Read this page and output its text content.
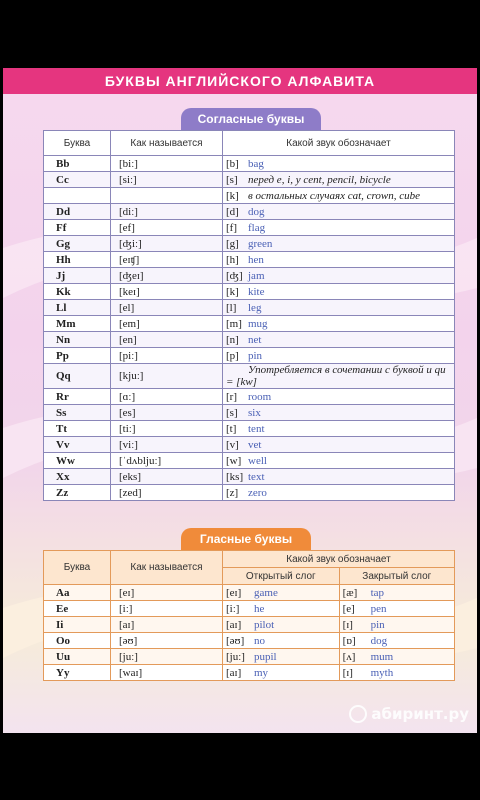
БУКВЫ АНГЛИЙСКОГО АЛФАВИТА
Согласные буквы
Буква	Как называется	Какой звук обозначает
Bb	[biː]	[b] bag
Cc	[siː]	[s] перед e, i, y cent, pencil, bicycle
		[k] в остальных случаях cat, crown, cube
Dd	[diː]	[d] dog
Ff	[ef]	[f] flag
Gg	[ʤiː]	[g] green
Hh	[eɪʧ]	[h] hen
Jj	[ʤeɪ]	[ʤ] jam
Kk	[keɪ]	[k] kite
Ll	[el]	[l] leg
Mm	[em]	[m] mug
Nn	[en]	[n] net
Pp	[piː]	[p] pin
Qq	[kjuː]	Употребляется в сочетании с буквой u qu = [kw]
Rr	[ɑː]	[r] room
Ss	[es]	[s] six
Tt	[tiː]	[t] tent
Vv	[viː]	[v] vet
Ww	[ˈdʌbljuː]	[w] well
Xx	[eks]	[ks] text
Zz	[zed]	[z] zero
Гласные буквы
Буква	Как называется	Какой звук обозначает	
		Открытый слог	Закрытый слог
Aa	[eɪ]	[eɪ] game	[æ] tap
Ee	[iː]	[iː] he	[e] pen
Ii	[aɪ]	[aɪ] pilot	[ɪ] pin
Oo	[əʊ]	[əʊ] no	[ɒ] dog
Uu	[juː]	[juː] pupil	[ʌ] mum
Yy	[waɪ]	[aɪ] my	[ɪ] myth
абиринт.ру
